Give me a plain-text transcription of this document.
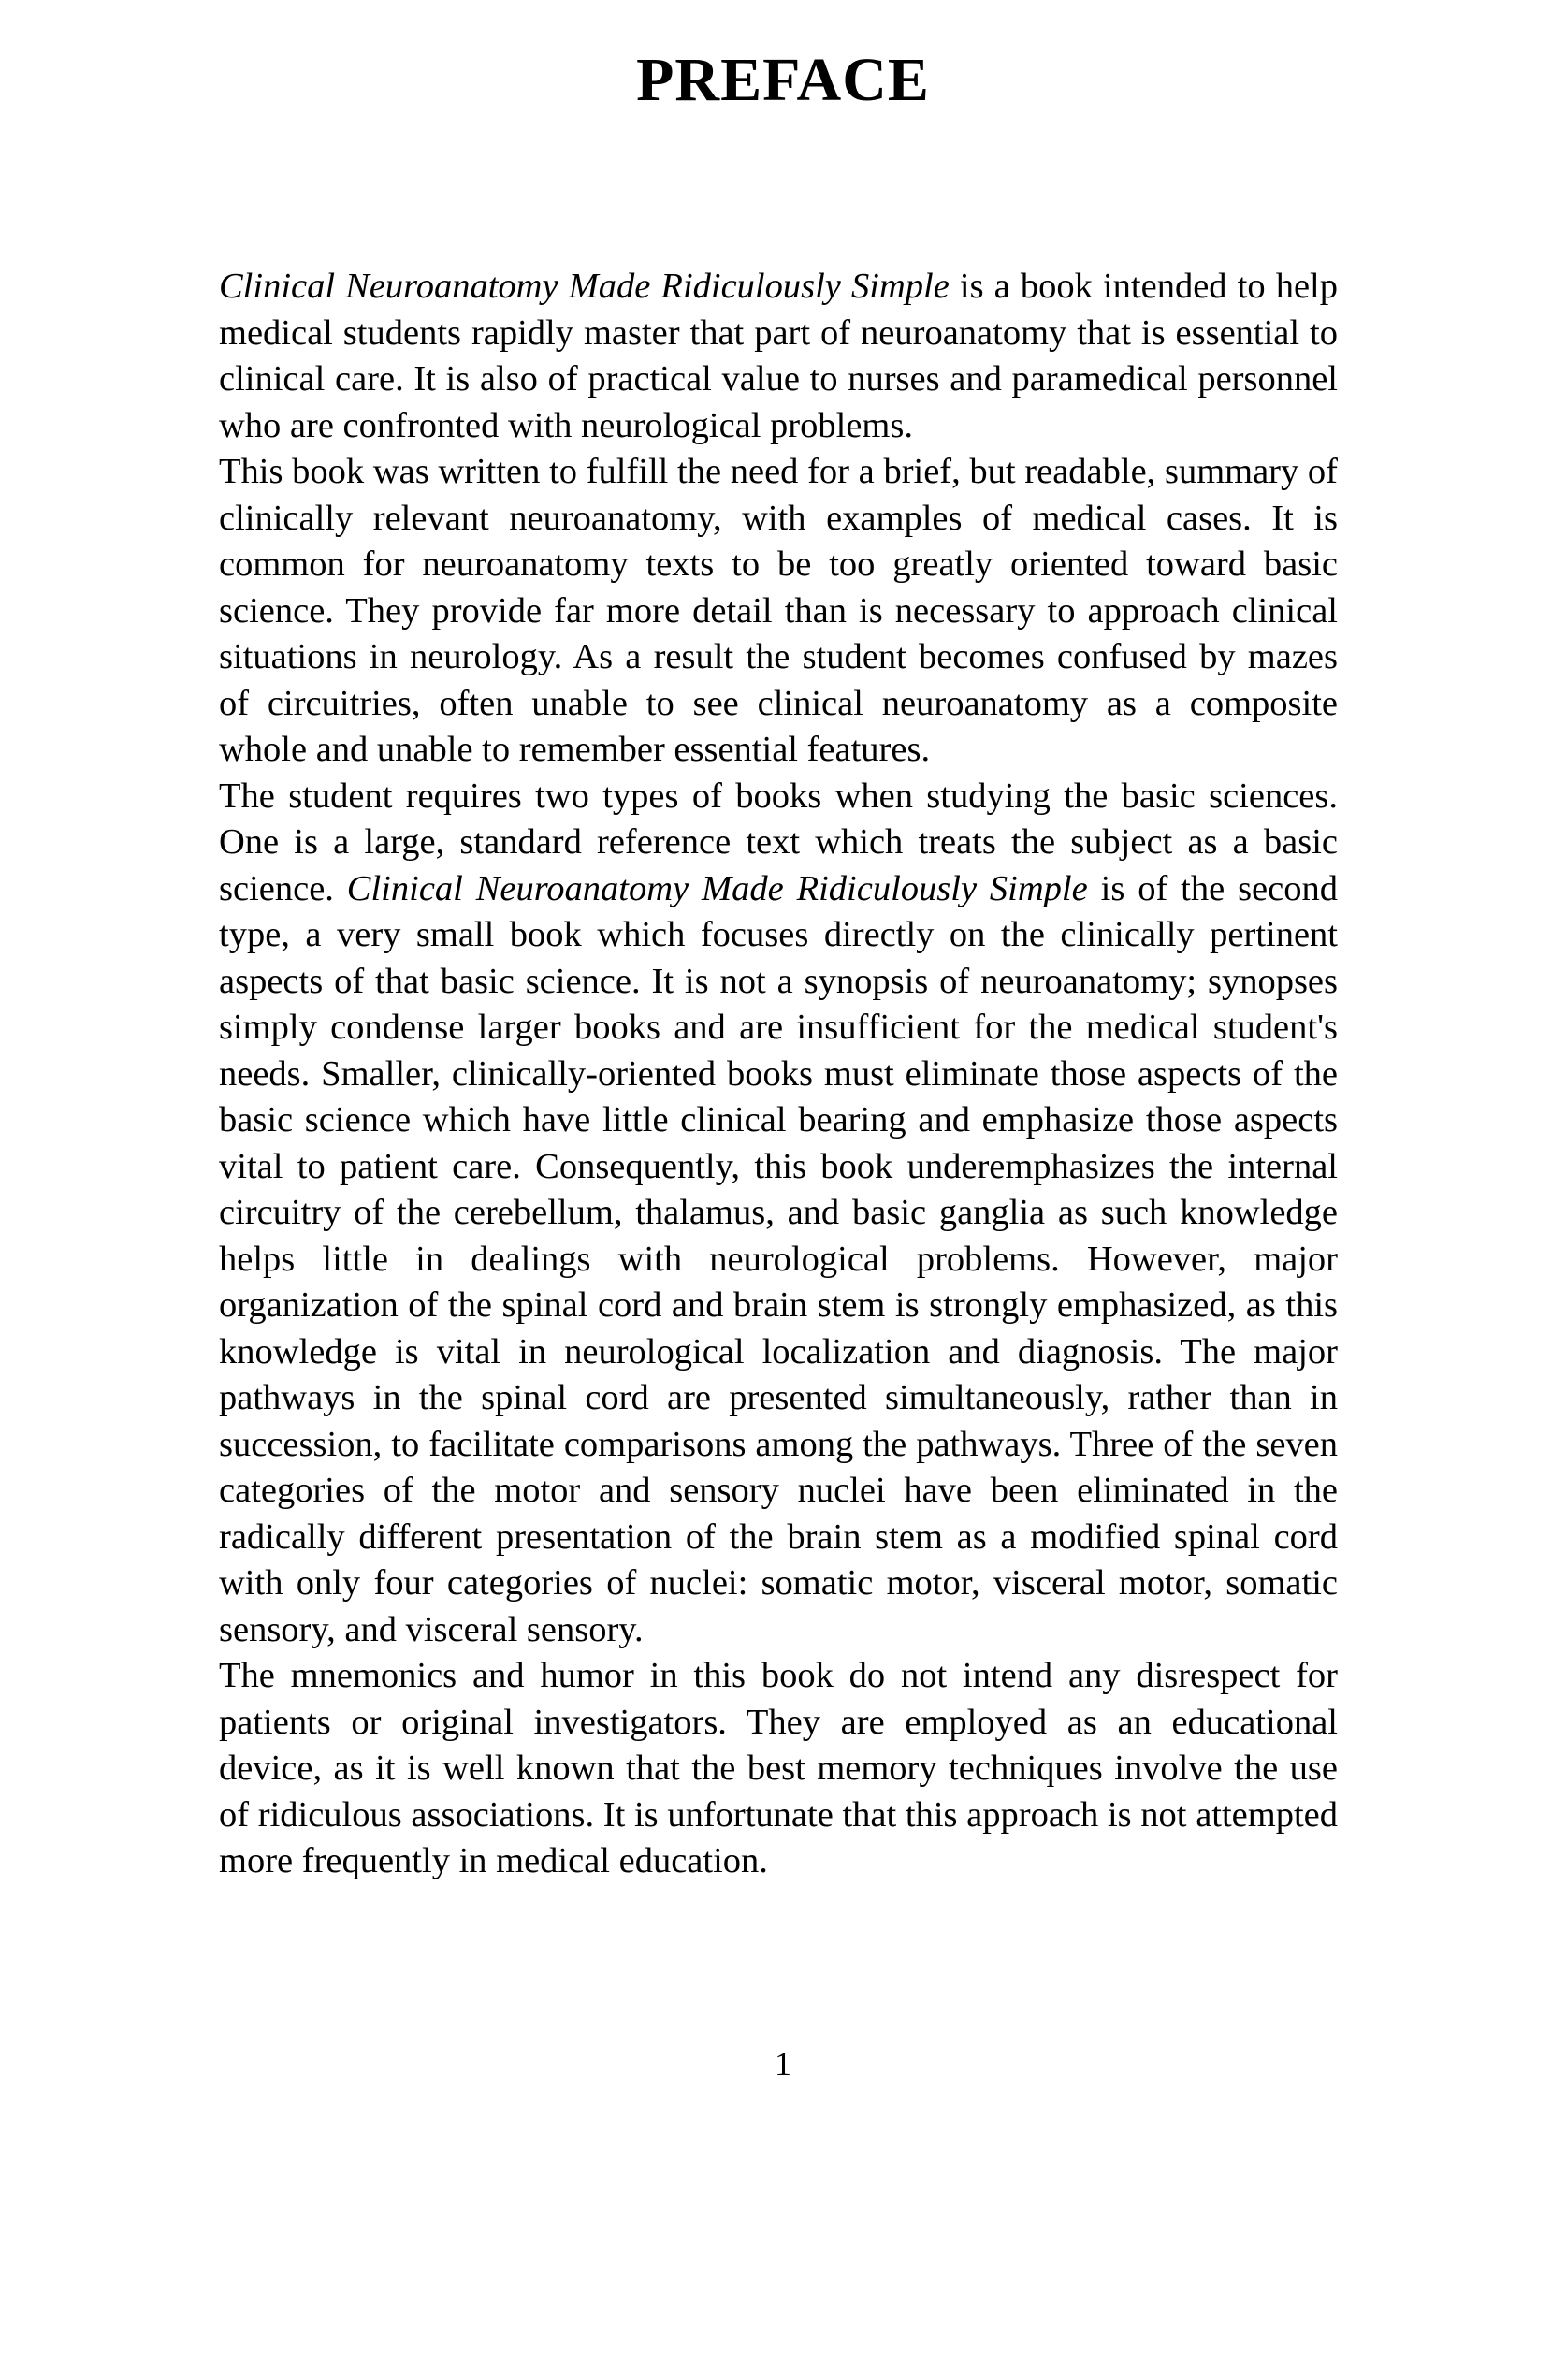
PREFACE

Clinical Neuroanatomy Made Ridiculously Simple is a book intended to help medical students rapidly master that part of neuroanatomy that is essential to clinical care. It is also of practical value to nurses and paramedical personnel who are confronted with neurological problems.

This book was written to fulfill the need for a brief, but readable, summary of clinically relevant neuroanatomy, with examples of medical cases. It is common for neuroanatomy texts to be too greatly oriented toward basic science. They provide far more detail than is necessary to approach clinical situations in neurology. As a result the student becomes confused by mazes of circuitries, often unable to see clinical neuroanatomy as a composite whole and unable to remember essential features.

The student requires two types of books when studying the basic sciences. One is a large, standard reference text which treats the subject as a basic science. Clinical Neuroanatomy Made Ridiculously Simple is of the second type, a very small book which focuses directly on the clinically pertinent aspects of that basic science. It is not a synopsis of neuroanatomy; synopses simply condense larger books and are insufficient for the medical student's needs. Smaller, clinically-oriented books must eliminate those aspects of the basic science which have little clinical bearing and emphasize those aspects vital to patient care. Consequently, this book underemphasizes the internal circuitry of the cerebellum, thalamus, and basic ganglia as such knowledge helps little in dealings with neurological problems. However, major organization of the spinal cord and brain stem is strongly emphasized, as this knowledge is vital in neurological localization and diagnosis. The major pathways in the spinal cord are presented simultaneously, rather than in succession, to facilitate comparisons among the pathways. Three of the seven categories of the motor and sensory nuclei have been eliminated in the radically different presentation of the brain stem as a modified spinal cord with only four categories of nuclei: somatic motor, visceral motor, somatic sensory, and visceral sensory.

The mnemonics and humor in this book do not intend any disrespect for patients or original investigators. They are employed as an educational device, as it is well known that the best memory techniques involve the use of ridiculous associations. It is unfortunate that this approach is not attempted more frequently in medical education.

1
